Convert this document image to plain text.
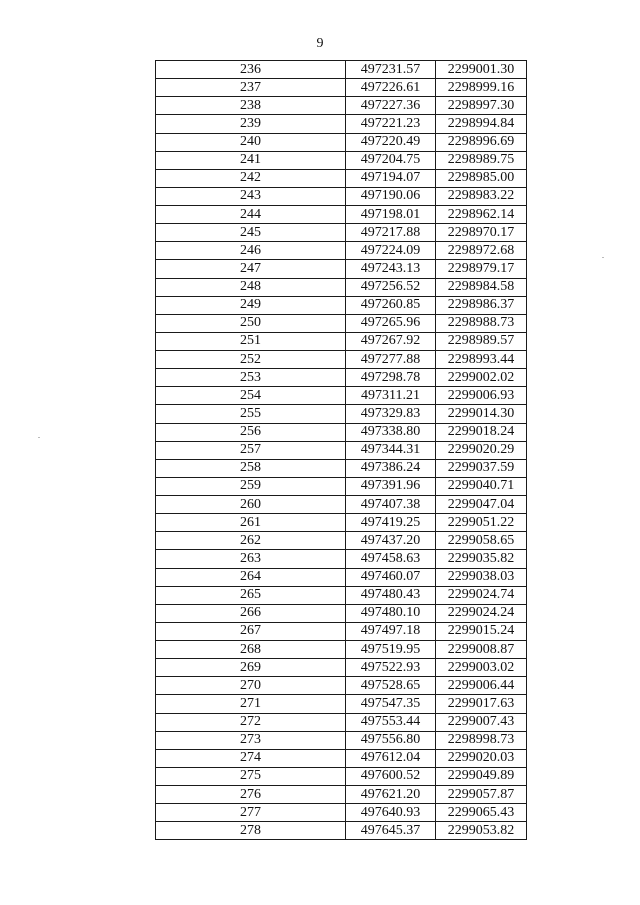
9
236	497231.57	2299001.30
237	497226.61	2298999.16
238	497227.36	2298997.30
239	497221.23	2298994.84
240	497220.49	2298996.69
241	497204.75	2298989.75
242	497194.07	2298985.00
243	497190.06	2298983.22
244	497198.01	2298962.14
245	497217.88	2298970.17
246	497224.09	2298972.68
247	497243.13	2298979.17
248	497256.52	2298984.58
249	497260.85	2298986.37
250	497265.96	2298988.73
251	497267.92	2298989.57
252	497277.88	2298993.44
253	497298.78	2299002.02
254	497311.21	2299006.93
255	497329.83	2299014.30
256	497338.80	2299018.24
257	497344.31	2299020.29
258	497386.24	2299037.59
259	497391.96	2299040.71
260	497407.38	2299047.04
261	497419.25	2299051.22
262	497437.20	2299058.65
263	497458.63	2299035.82
264	497460.07	2299038.03
265	497480.43	2299024.74
266	497480.10	2299024.24
267	497497.18	2299015.24
268	497519.95	2299008.87
269	497522.93	2299003.02
270	497528.65	2299006.44
271	497547.35	2299017.63
272	497553.44	2299007.43
273	497556.80	2298998.73
274	497612.04	2299020.03
275	497600.52	2299049.89
276	497621.20	2299057.87
277	497640.93	2299065.43
278	497645.37	2299053.82
